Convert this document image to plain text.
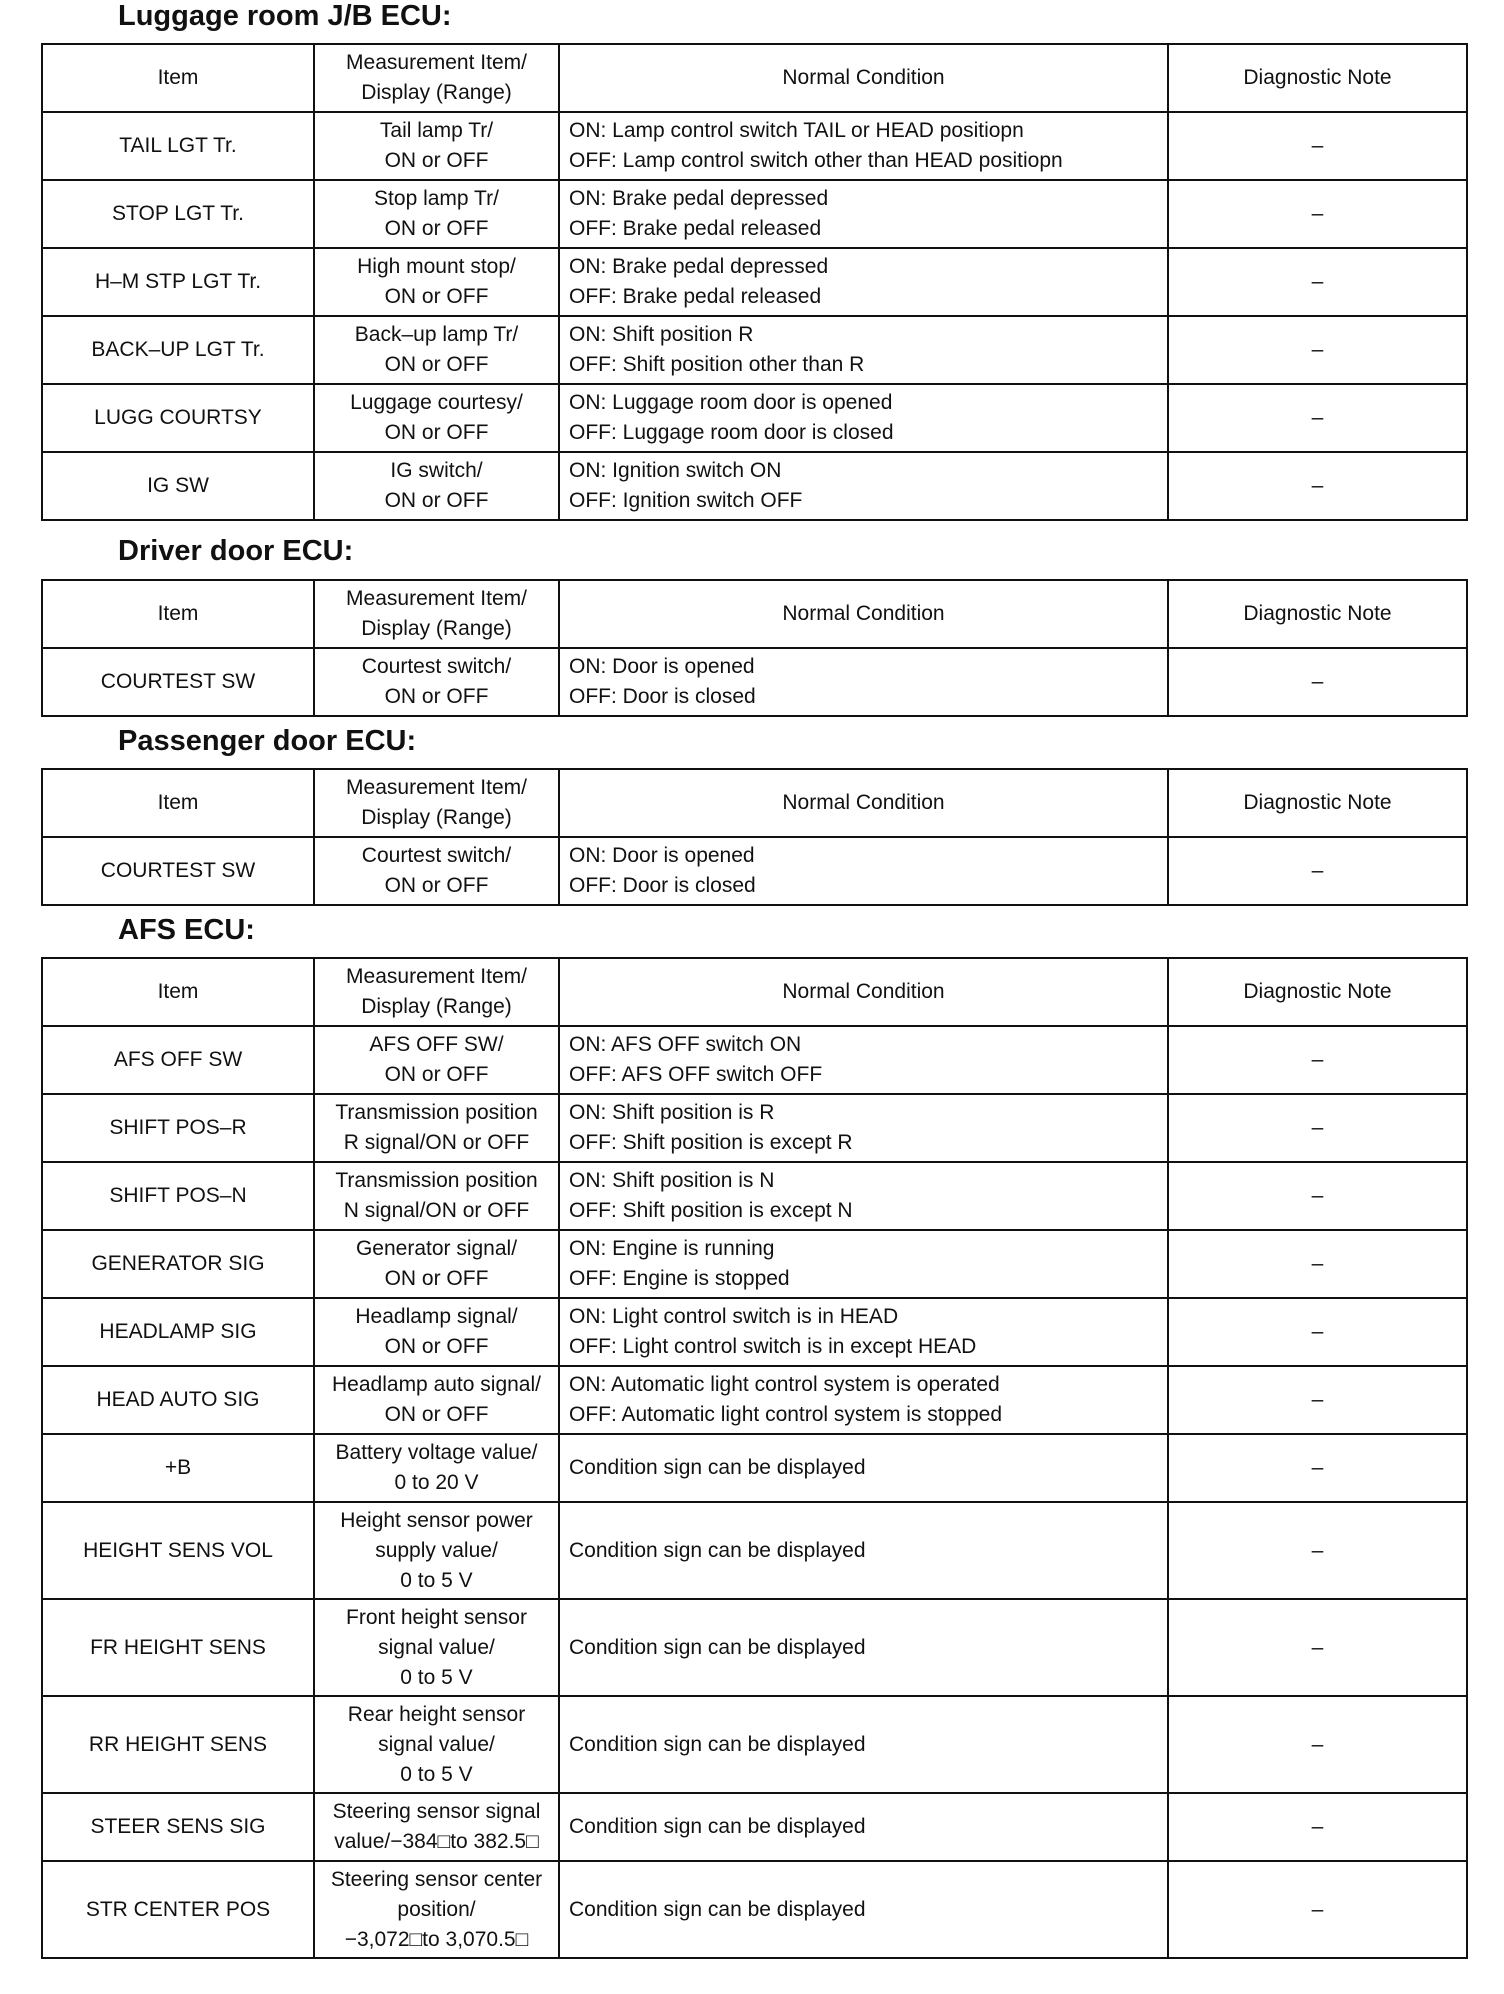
Luggage room J/B ECU:
Item	Measurement Item/
Display (Range)	Normal Condition	Diagnostic Note
TAIL LGT Tr.	Tail lamp Tr/
ON or OFF	ON: Lamp control switch TAIL or HEAD positiopn
OFF: Lamp control switch other than HEAD positiopn	–
STOP LGT Tr.	Stop lamp Tr/
ON or OFF	ON: Brake pedal depressed
OFF: Brake pedal released	–
H–M STP LGT Tr.	High mount stop/
ON or OFF	ON: Brake pedal depressed
OFF: Brake pedal released	–
BACK–UP LGT Tr.	Back–up lamp Tr/
ON or OFF	ON: Shift position R
OFF: Shift position other than R	–
LUGG COURTSY	Luggage courtesy/
ON or OFF	ON: Luggage room door is opened
OFF: Luggage room door is closed	–
IG SW	IG switch/
ON or OFF	ON: Ignition switch ON
OFF: Ignition switch OFF	–
Driver door ECU:
Item	Measurement Item/
Display (Range)	Normal Condition	Diagnostic Note
COURTEST SW	Courtest switch/
ON or OFF	ON: Door is opened
OFF: Door is closed	–
Passenger door ECU:
Item	Measurement Item/
Display (Range)	Normal Condition	Diagnostic Note
COURTEST SW	Courtest switch/
ON or OFF	ON: Door is opened
OFF: Door is closed	–
AFS ECU:
Item	Measurement Item/
Display (Range)	Normal Condition	Diagnostic Note
AFS OFF SW	AFS OFF SW/
ON or OFF	ON: AFS OFF switch ON
OFF: AFS OFF switch OFF	–
SHIFT POS–R	Transmission position
R signal/ON or OFF	ON: Shift position is R
OFF: Shift position is except R	–
SHIFT POS–N	Transmission position
N signal/ON or OFF	ON: Shift position is N
OFF: Shift position is except N	–
GENERATOR SIG	Generator signal/
ON or OFF	ON: Engine is running
OFF: Engine is stopped	–
HEADLAMP SIG	Headlamp signal/
ON or OFF	ON: Light control switch is in HEAD
OFF: Light control switch is in except HEAD	–
HEAD AUTO SIG	Headlamp auto signal/
ON or OFF	ON: Automatic light control system is operated
OFF: Automatic light control system is stopped	–
+B	Battery voltage value/
0 to 20 V	Condition sign can be displayed	–
HEIGHT SENS VOL	Height sensor power
supply value/
0 to 5 V	Condition sign can be displayed	–
FR HEIGHT SENS	Front height sensor
signal value/
0 to 5 V	Condition sign can be displayed	–
RR HEIGHT SENS	Rear height sensor
signal value/
0 to 5 V	Condition sign can be displayed	–
STEER SENS SIG	Steering sensor signal
value/−384□to 382.5□	Condition sign can be displayed	–
STR CENTER POS	Steering sensor center
position/
−3,072□to 3,070.5□	Condition sign can be displayed	–
